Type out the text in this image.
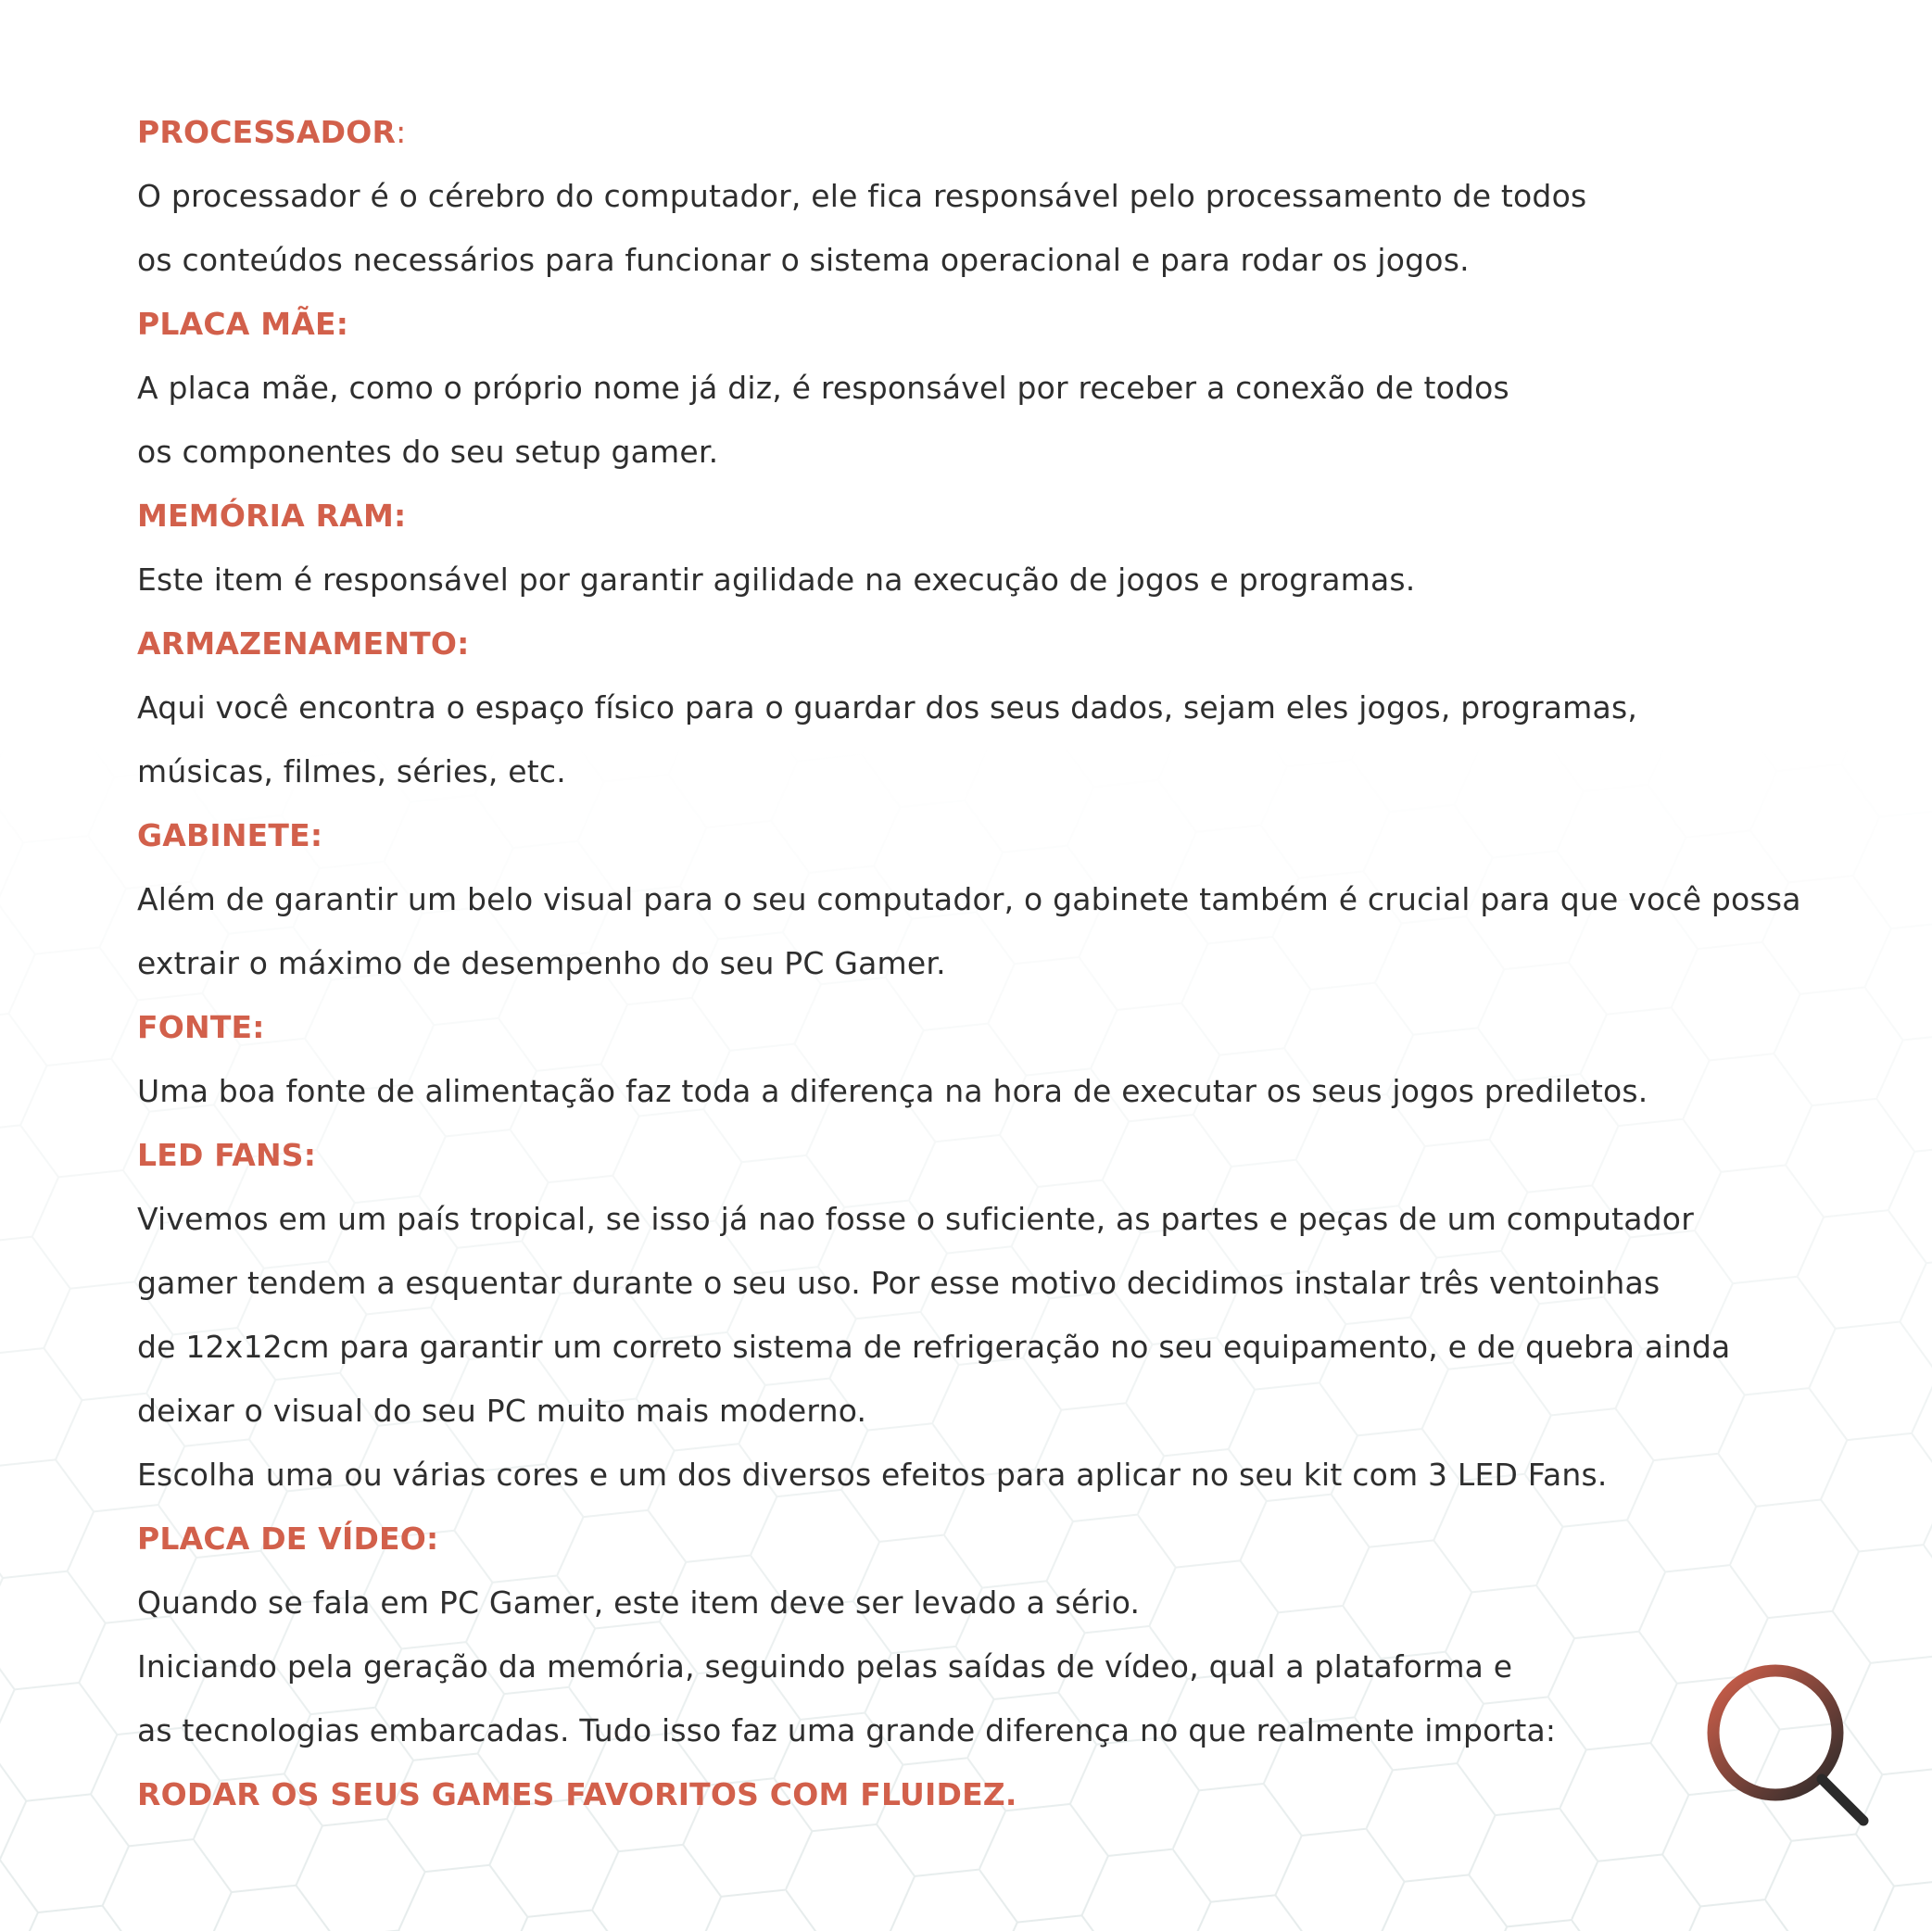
PROCESSADOR:
O processador é o cérebro do computador, ele fica responsável pelo processamento de todos
os conteúdos necessários para funcionar o sistema operacional e para rodar os jogos.
PLACA MÃE:
A placa mãe, como o próprio nome já diz, é responsável por receber a conexão de todos
os componentes do seu setup gamer.
MEMÓRIA RAM:
Este item é responsável por garantir agilidade na execução de jogos e programas.
ARMAZENAMENTO:
Aqui você encontra o espaço físico para o guardar dos seus dados, sejam eles jogos, programas,
músicas, filmes, séries, etc.
GABINETE:
Além de garantir um belo visual para o seu computador, o gabinete também é crucial para que você possa
extrair o máximo de desempenho do seu PC Gamer.
FONTE:
Uma boa fonte de alimentação faz toda a diferença na hora de executar os seus jogos prediletos.
LED FANS:
Vivemos em um país tropical, se isso já nao fosse o suficiente, as partes e peças de um computador
gamer tendem a esquentar durante o seu uso. Por esse motivo decidimos instalar três ventoinhas
de 12x12cm para garantir um correto sistema de refrigeração no seu equipamento, e de quebra ainda
deixar o visual do seu PC muito mais moderno.
Escolha uma ou várias cores e um dos diversos efeitos para aplicar no seu kit com 3 LED Fans.
PLACA DE VÍDEO:
Quando se fala em PC Gamer, este item deve ser levado a sério.
Iniciando pela geração da memória, seguindo pelas saídas de vídeo, qual a plataforma e
as tecnologias embarcadas. Tudo isso faz uma grande diferença no que realmente importa:
RODAR OS SEUS GAMES FAVORITOS COM FLUIDEZ.
